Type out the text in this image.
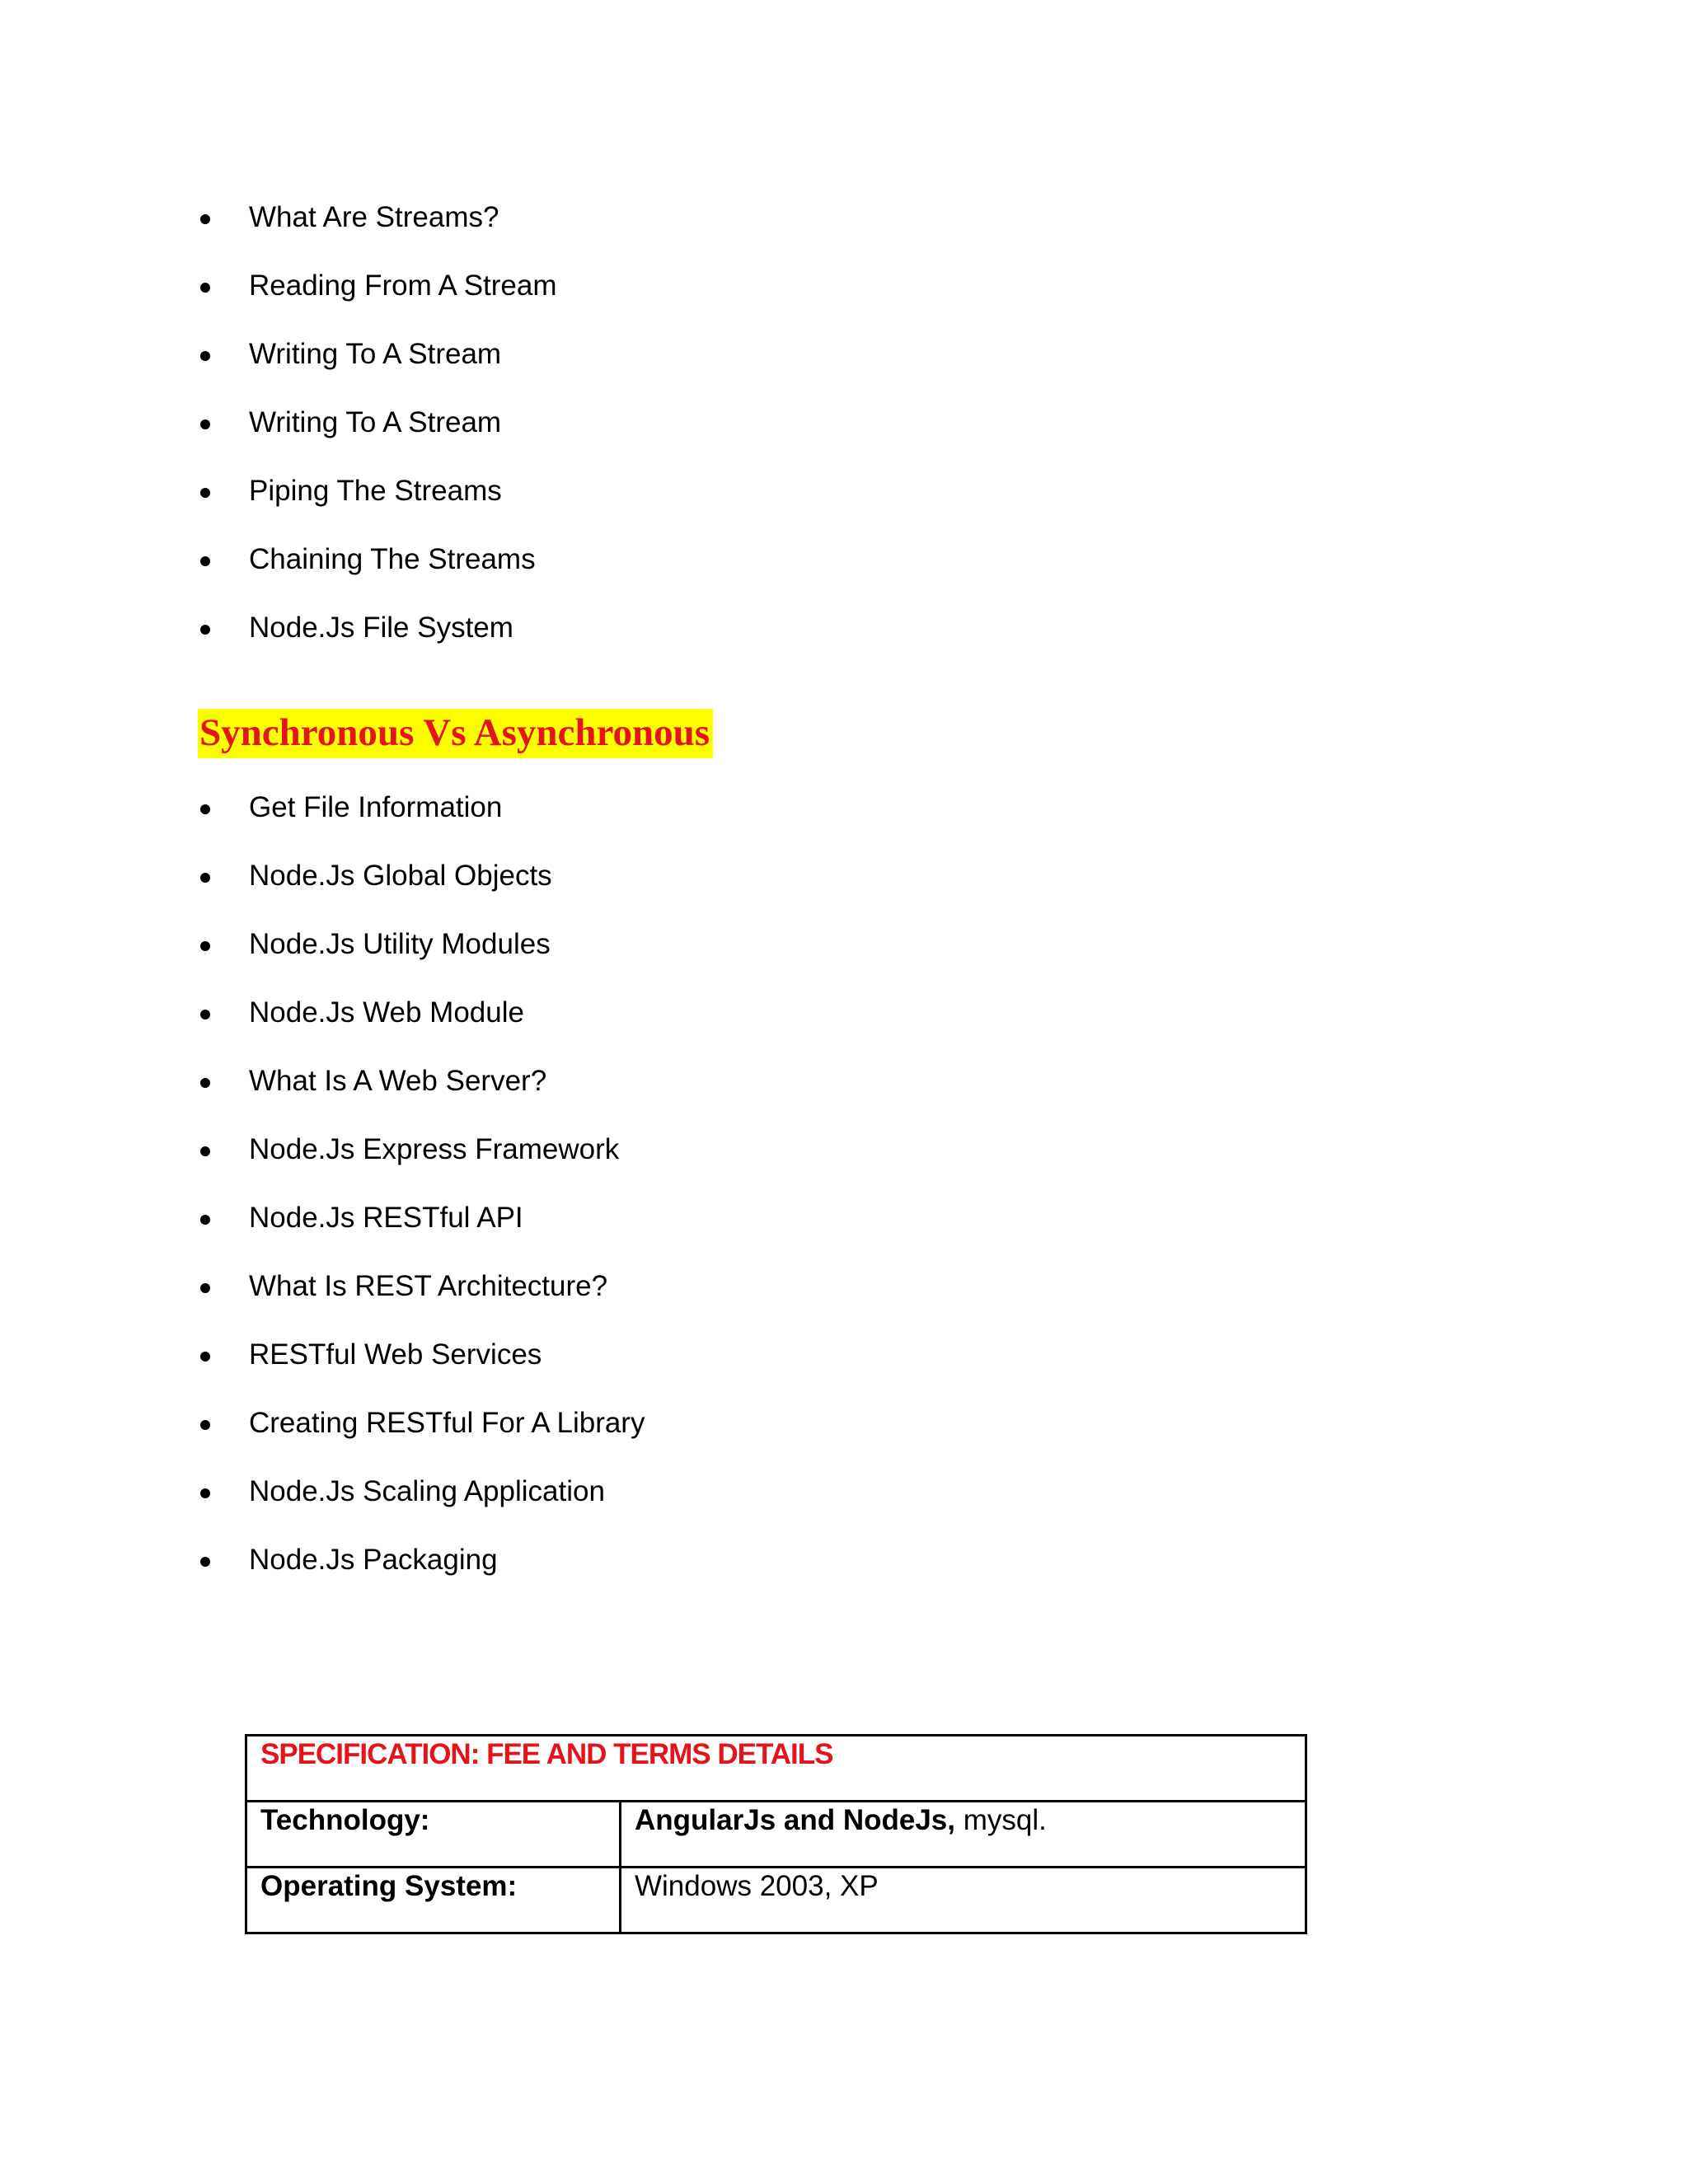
What Are Streams?
Reading From A Stream
Writing To A Stream
Writing To A Stream
Piping The Streams
Chaining The Streams
Node.Js File System
Synchronous Vs Asynchronous
Get File Information
Node.Js Global Objects
Node.Js Utility Modules
Node.Js Web Module
What Is A Web Server?
Node.Js Express Framework
Node.Js RESTful API
What Is REST Architecture?
RESTful Web Services
Creating RESTful For A Library
Node.Js Scaling Application
Node.Js Packaging
SPECIFICATION: FEE AND TERMS DETAILS	
Technology:	AngularJs and NodeJs, mysql.
Operating System:	Windows 2003, XP
